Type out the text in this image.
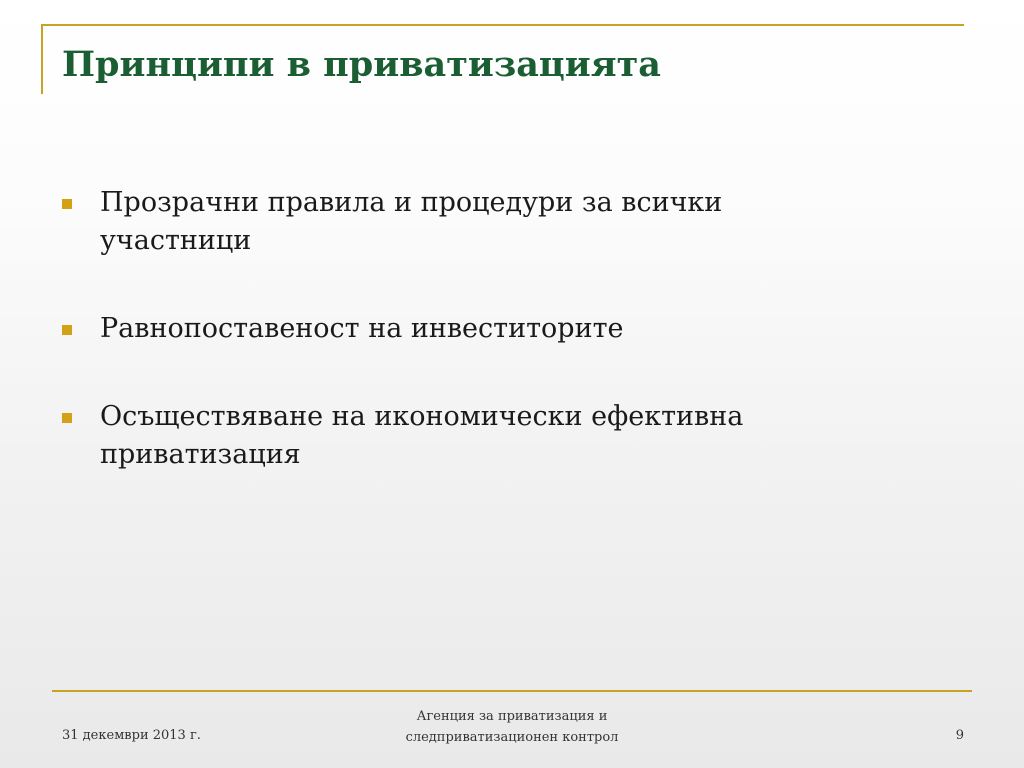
Принципи в приватизацията
Прозрачни правила и процедури за всички
участници
Равнопоставеност на инвеститорите
Осъществяване на икономически ефективна
приватизация
31 декември 2013 г.
Агенция за приватизация и
следприватизационен контрол	9
